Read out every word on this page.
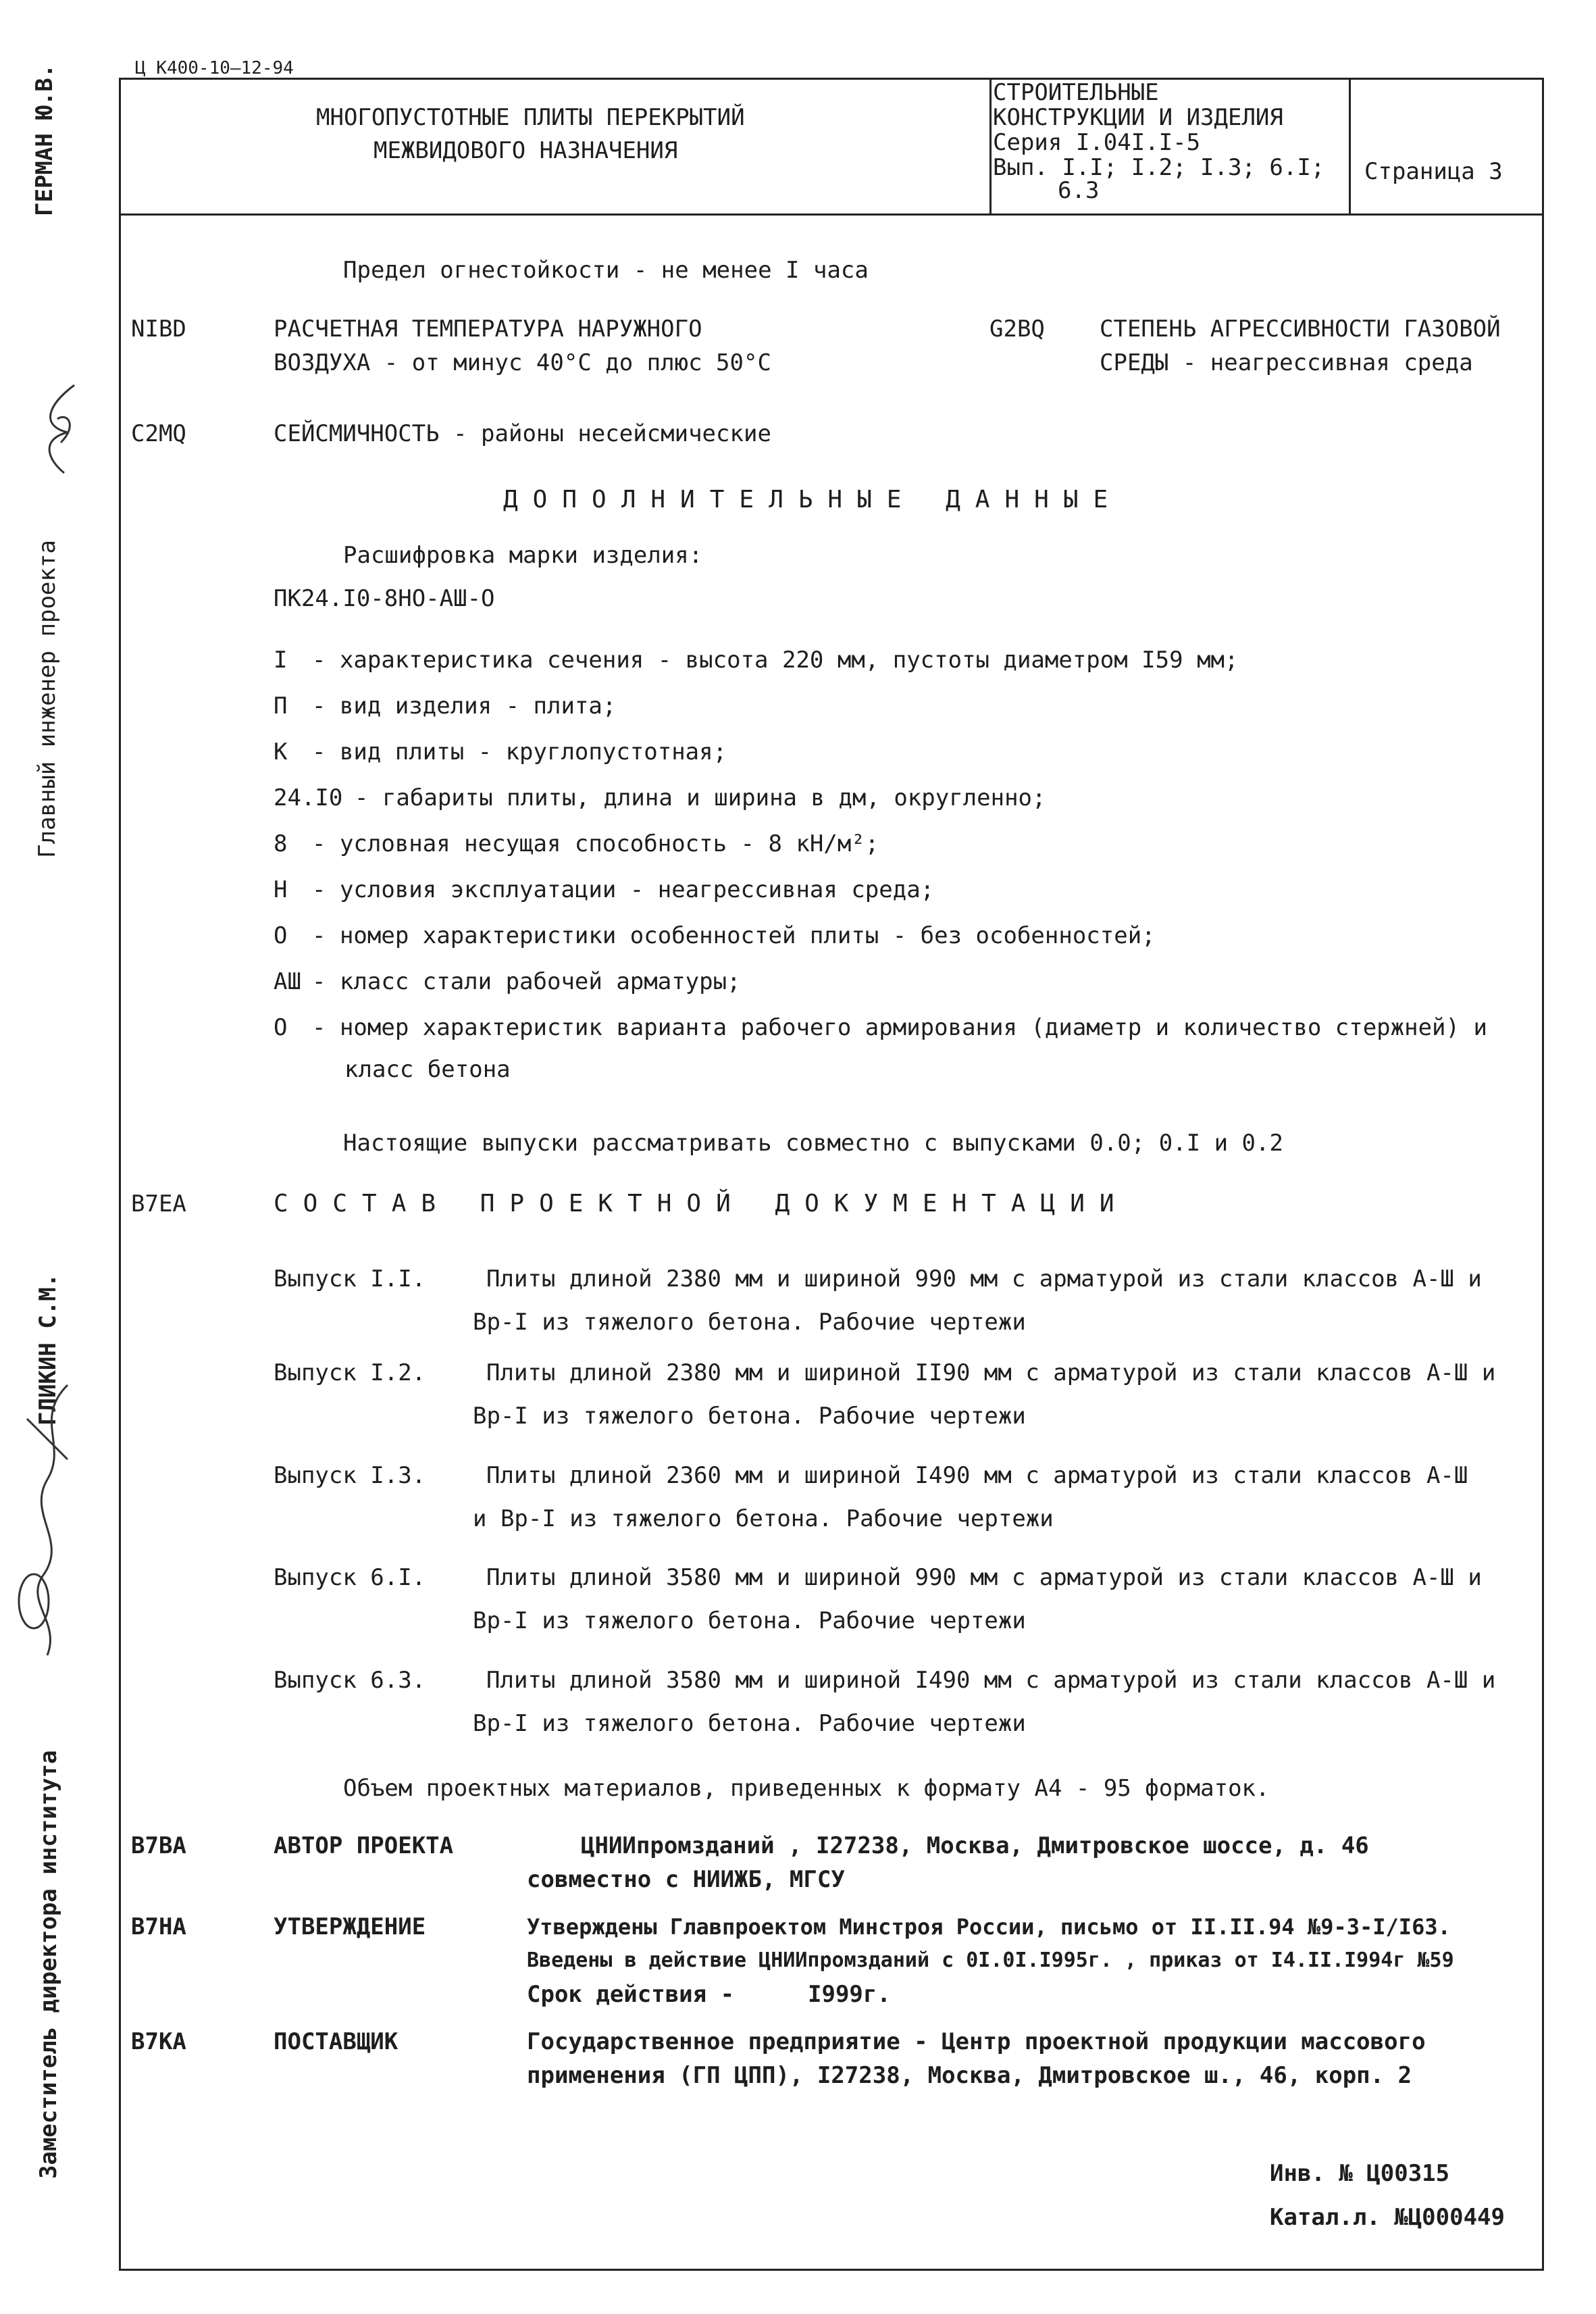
Ц К400-10—12-94
МНОГОПУСТОТНЫЕ ПЛИТЫ ПЕРЕКРЫТИЙ
МЕЖВИДОВОГО НАЗНАЧЕНИЯ
СТРОИТЕЛЬНЫЕ
КОНСТРУКЦИИ И ИЗДЕЛИЯ
Серия I.04I.I-5
Вып. I.I; I.2; I.3; 6.I;
6.3
Страница 3
ГЕРМАН Ю.В.
Главный инженер проекта
ГЛИКИН С.М.
Заместитель директора института
Предел огнестойкости - не менее I часа
NIBD	РАСЧЕТНАЯ ТЕМПЕРАТУРА НАРУЖНОГО
ВОЗДУХА - от минус 40°С до плюс 50°С
G2BQ СТЕПЕНЬ АГРЕССИВНОСТИ ГАЗОВОЙ
СРЕДЫ - неагрессивная среда
C2MQ	СЕЙСМИЧНОСТЬ - районы несейсмические
ДОПОЛНИТЕЛЬНЫЕ ДАННЫЕ
Расшифровка марки изделия:
ПК24.I0-8НО-АШ-О
I - характеристика сечения - высота 220 мм, пустоты диаметром I59 мм;
П - вид изделия - плита;
К - вид плиты - круглопустотная;
24.I0 - габариты плиты, длина и ширина в дм, округленно;
8 - условная несущая способность - 8 кН/м²;
Н - условия эксплуатации - неагрессивная среда;
О - номер характеристики особенностей плиты - без особенностей;
АШ - класс стали рабочей арматуры;
О - номер характеристик варианта рабочего армирования (диаметр и количество стержней) и
класс бетона
Настоящие выпуски рассматривать совместно с выпусками 0.0; 0.I и 0.2
В7ЕА	СОСТАВ ПРОЕКТНОЙ ДОКУМЕНТАЦИИ
Выпуск I.I.	Плиты длиной 2380 мм и шириной 990 мм с арматурой из стали классов А-Ш и
Вр-I из тяжелого бетона. Рабочие чертежи
Выпуск I.2.	Плиты длиной 2380 мм и шириной II90 мм с арматурой из стали классов А-Ш и
Вр-I из тяжелого бетона. Рабочие чертежи
Выпуск I.3.	Плиты длиной 2360 мм и шириной I490 мм с арматурой из стали классов А-Ш
и Вр-I из тяжелого бетона. Рабочие чертежи
Выпуск 6.I.	Плиты длиной 3580 мм и шириной 990 мм с арматурой из стали классов А-Ш и
Вр-I из тяжелого бетона. Рабочие чертежи
Выпуск 6.3.	Плиты длиной 3580 мм и шириной I490 мм с арматурой из стали классов А-Ш и
Вр-I из тяжелого бетона. Рабочие чертежи
Объем проектных материалов, приведенных к формату А4 - 95 форматок.
В7ВА	АВТОР ПРОЕКТА	ЦНИИпромзданий , I27238, Москва, Дмитровское шоссе, д. 46
совместно с НИИЖБ, МГСУ
В7НА	УТВЕРЖДЕНИЕ	Утверждены Главпроектом Минстроя России, письмо от II.II.94 №9-3-I/I63.
Введены в действие ЦНИИпромзданий с 0I.0I.I995г. , приказ от I4.II.I994г №59
Срок действия -	I999г.
В7КА	ПОСТАВЩИК	Государственное предприятие - Центр проектной продукции массового
применения (ГП ЦПП), I27238, Москва, Дмитровское ш., 46, корп. 2
Инв. № Ц00315
Катал.л. №Ц000449
